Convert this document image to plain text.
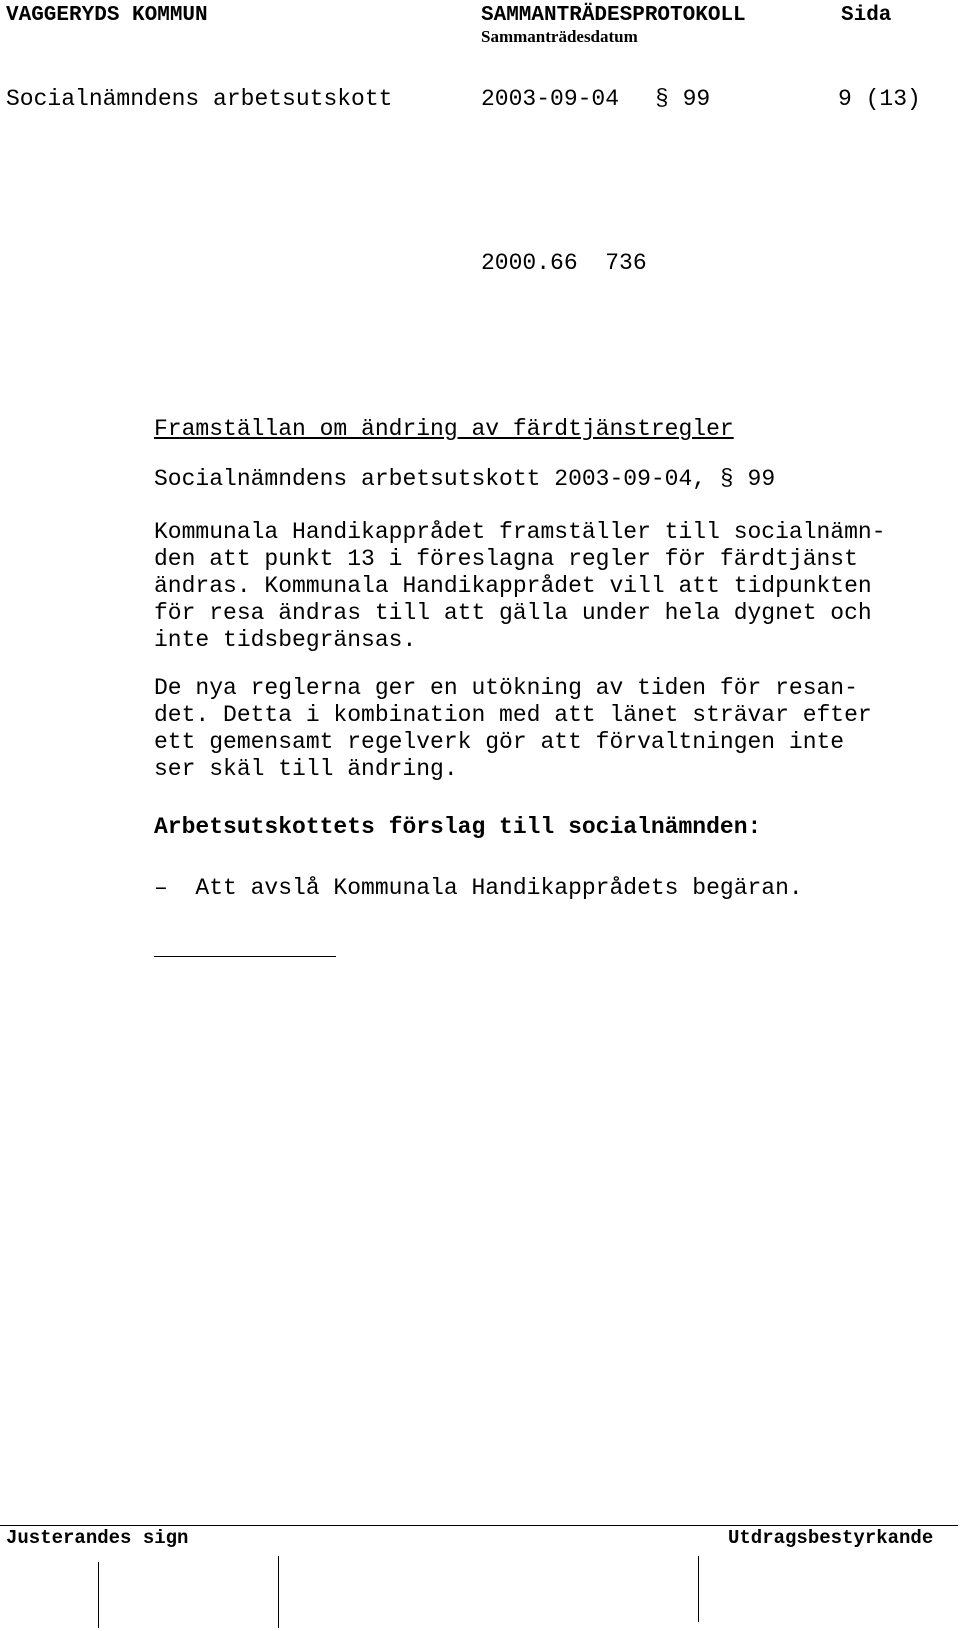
VAGGERYDS KOMMUN	SAMMANTRÄDESPROTOKOLL
Sammanträdesdatum
Sida
Socialnämndens arbetsutskott	2003-09-04 § 99	9 (13)
2000.66  736
Framställan om ändring av färdtjänstregler
Socialnämndens arbetsutskott 2003-09-04, § 99
Kommunala Handikapprådet framställer till socialnämn-
den att punkt 13 i föreslagna regler för färdtjänst
ändras. Kommunala Handikapprådet vill att tidpunkten
för resa ändras till att gälla under hela dygnet och
inte tidsbegränsas.
De nya reglerna ger en utökning av tiden för resan-
det. Detta i kombination med att länet strävar efter
ett gemensamt regelverk gör att förvaltningen inte
ser skäl till ändring.
Arbetsutskottets förslag till socialnämnden:
–  Att avslå Kommunala Handikapprådets begäran.
Justerandes sign	Utdragsbestyrkande
